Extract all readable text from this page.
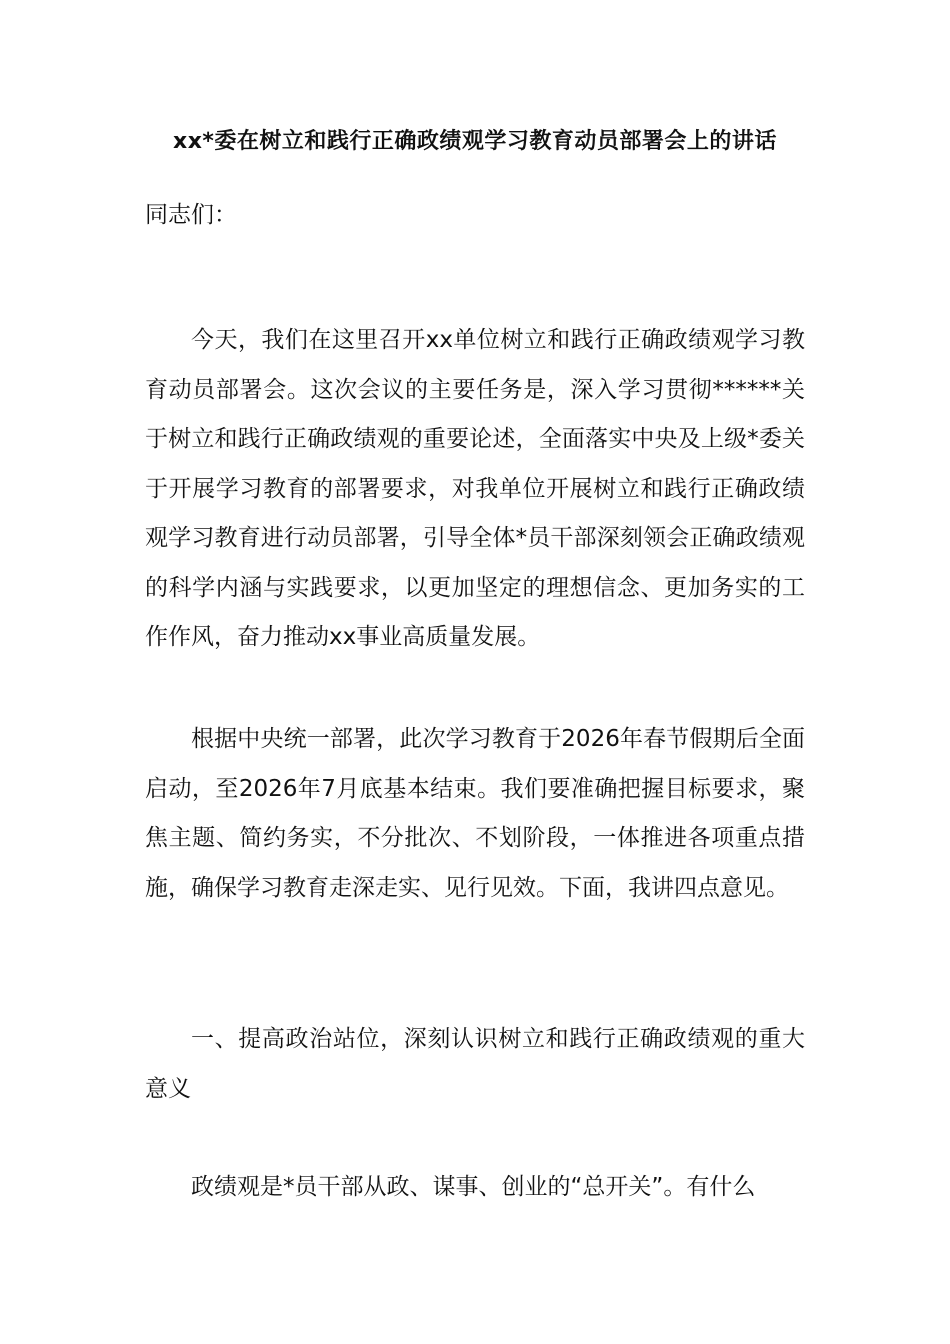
xx*委在树立和践行正确政绩观学习教育动员部署会上的讲话
同志们：
今天，我们在这里召开xx单位树立和践行正确政绩观学习教育动员部署会。这次会议的主要任务是，深入学习贯彻******关于树立和践行正确政绩观的重要论述，全面落实中央及上级*委关于开展学习教育的部署要求，对我单位开展树立和践行正确政绩观学习教育进行动员部署，引导全体*员干部深刻领会正确政绩观的科学内涵与实践要求，以更加坚定的理想信念、更加务实的工作作风，奋力推动xx事业高质量发展。
根据中央统一部署，此次学习教育于2026年春节假期后全面启动，至2026年7月底基本结束。我们要准确把握目标要求，聚焦主题、简约务实，不分批次、不划阶段，一体推进各项重点措施，确保学习教育走深走实、见行见效。下面，我讲四点意见。
一、提高政治站位，深刻认识树立和践行正确政绩观的重大意义
政绩观是*员干部从政、谋事、创业的“总开关”。有什么
